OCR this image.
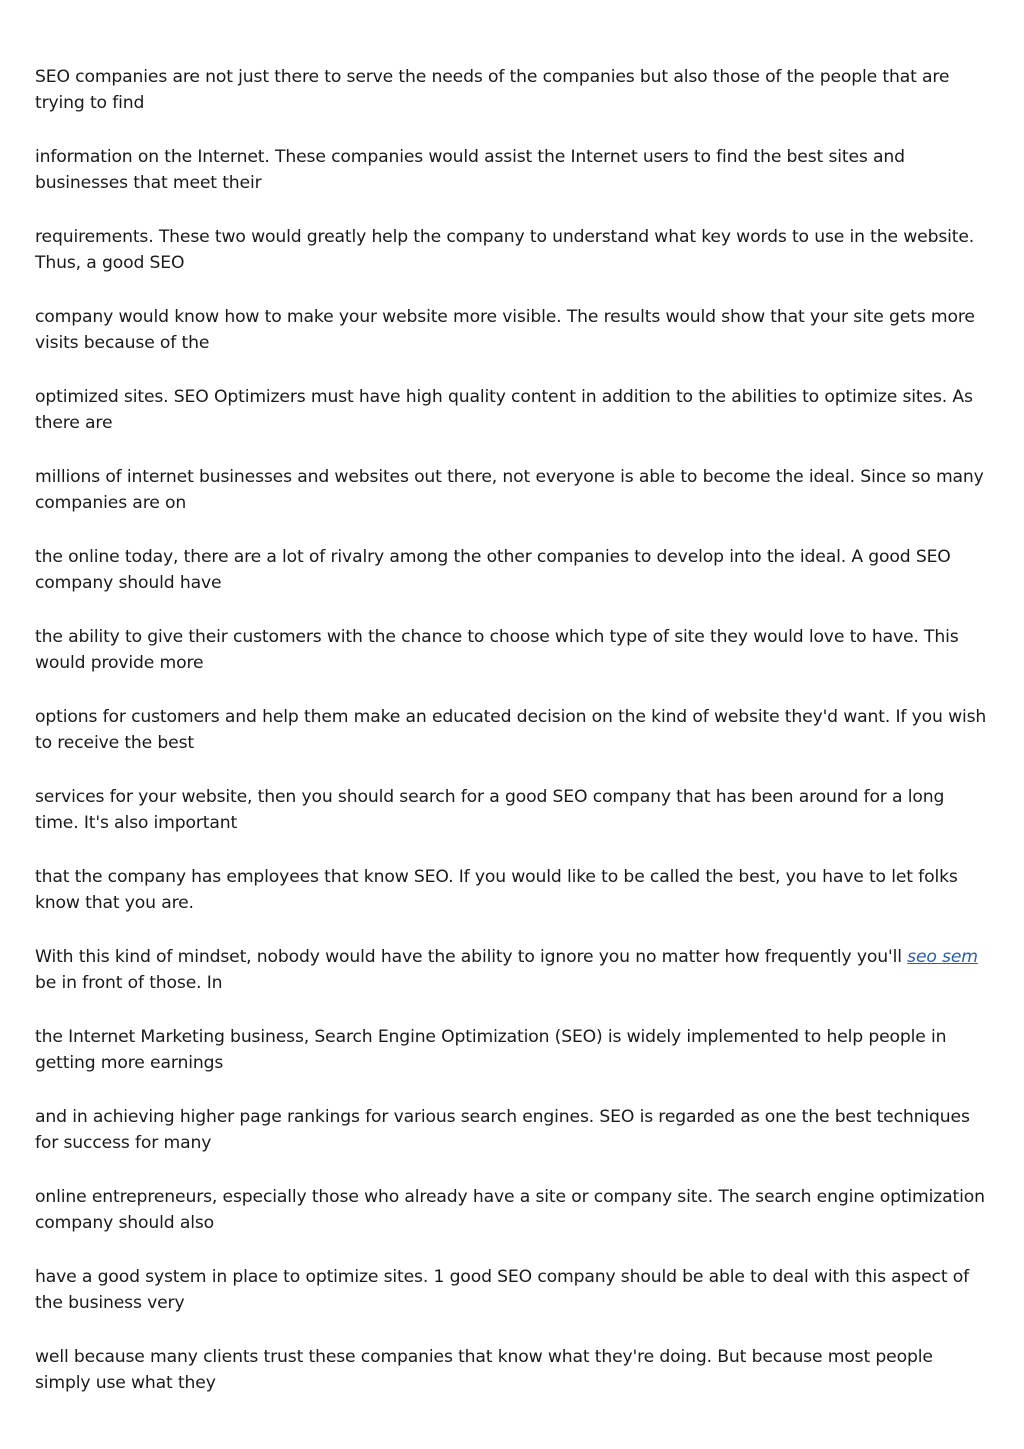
SEO companies are not just there to serve the needs of the companies but also those of the people that are trying to find

information on the Internet. These companies would assist the Internet users to find the best sites and businesses that meet their

requirements. These two would greatly help the company to understand what key words to use in the website. Thus, a good SEO

company would know how to make your website more visible. The results would show that your site gets more visits because of the

optimized sites. SEO Optimizers must have high quality content in addition to the abilities to optimize sites. As there are

millions of internet businesses and websites out there, not everyone is able to become the ideal. Since so many companies are on

the online today, there are a lot of rivalry among the other companies to develop into the ideal. A good SEO company should have

the ability to give their customers with the chance to choose which type of site they would love to have. This would provide more

options for customers and help them make an educated decision on the kind of website they'd want. If you wish to receive the best

services for your website, then you should search for a good SEO company that has been around for a long time. It's also important

that the company has employees that know SEO. If you would like to be called the best, you have to let folks know that you are.

With this kind of mindset, nobody would have the ability to ignore you no matter how frequently you'll seo sem be in front of those. In

the Internet Marketing business, Search Engine Optimization (SEO) is widely implemented to help people in getting more earnings

and in achieving higher page rankings for various search engines. SEO is regarded as one the best techniques for success for many

online entrepreneurs, especially those who already have a site or company site. The search engine optimization company should also

have a good system in place to optimize sites. 1 good SEO company should be able to deal with this aspect of the business very

well because many clients trust these companies that know what they're doing. But because most people simply use what they
